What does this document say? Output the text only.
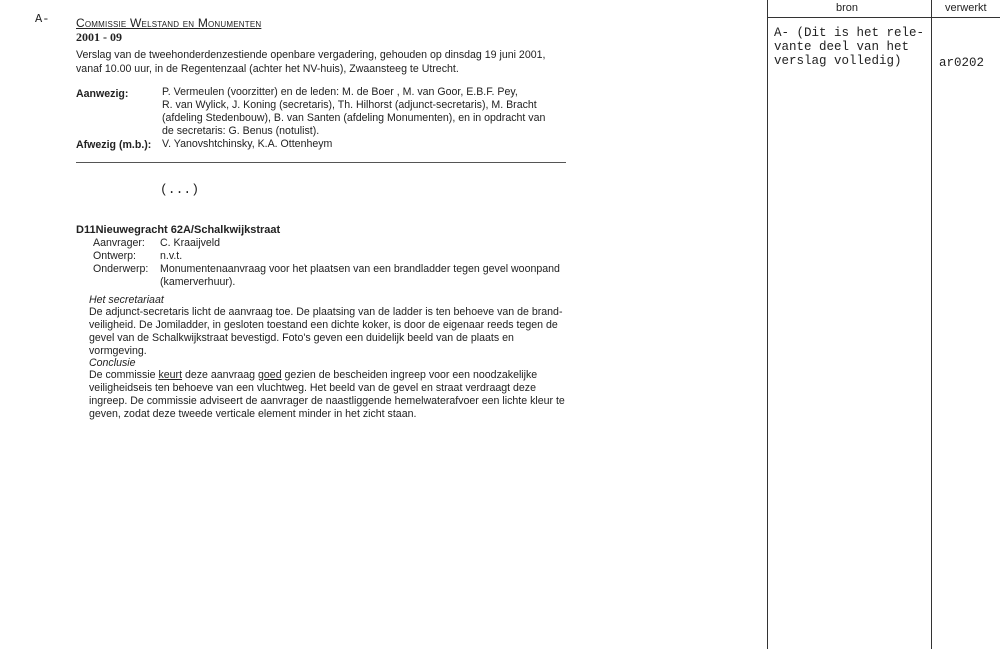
A- Commissie Welstand en Monumenten
2001 - 09
Verslag van de tweehonderdenzestiende openbare vergadering, gehouden op dinsdag 19 juni 2001,
vanaf 10.00 uur, in de Regentenzaal (achter het NV-huis), Zwaansteeg te Utrecht.
Aanwezig:	P. Vermeulen (voorzitter) en de leden: M. de Boer , M. van Goor, E.B.F. Pey,
R. van Wylick, J. Koning (secretaris), Th. Hilhorst (adjunct-secretaris), M. Bracht
(afdeling Stedenbouw), B. van Santen (afdeling Monumenten), en in opdracht van
de secretaris: G. Benus (notulist).
Afwezig (m.b.): V. Yanovshtchinsky, K.A. Ottenheym
(...)
D11Nieuwegracht 62A/Schalkwijkstraat
Aanvrager: C. Kraaijveld
Ontwerp: n.v.t.
Onderwerp: Monumentenaanvraag voor het plaatsen van een brandladder tegen gevel woonpand
(kamerverhuur).
Het secretariaat
De adjunct-secretaris licht de aanvraag toe. De plaatsing van de ladder is ten behoeve van de brand-
veiligheid. De Jomiladder, in gesloten toestand een dichte koker, is door de eigenaar reeds tegen de
gevel van de Schalkwijkstraat bevestigd. Foto's geven een duidelijk beeld van de plaats en
vormgeving.
Conclusie
De commissie keurt deze aanvraag goed gezien de bescheiden ingreep voor een noodzakelijke
veiligheidseis ten behoeve van een vluchtweg. Het beeld van de gevel en straat verdraagt deze
ingreep. De commissie adviseert de aanvrager de naastliggende hemelwaterafvoer een lichte kleur te
geven, zodat deze tweede verticale element minder in het zicht staan.
bron	verwerkt
A- (Dit is het rele-
vante deel van het
verslag volledig)	ar0202
